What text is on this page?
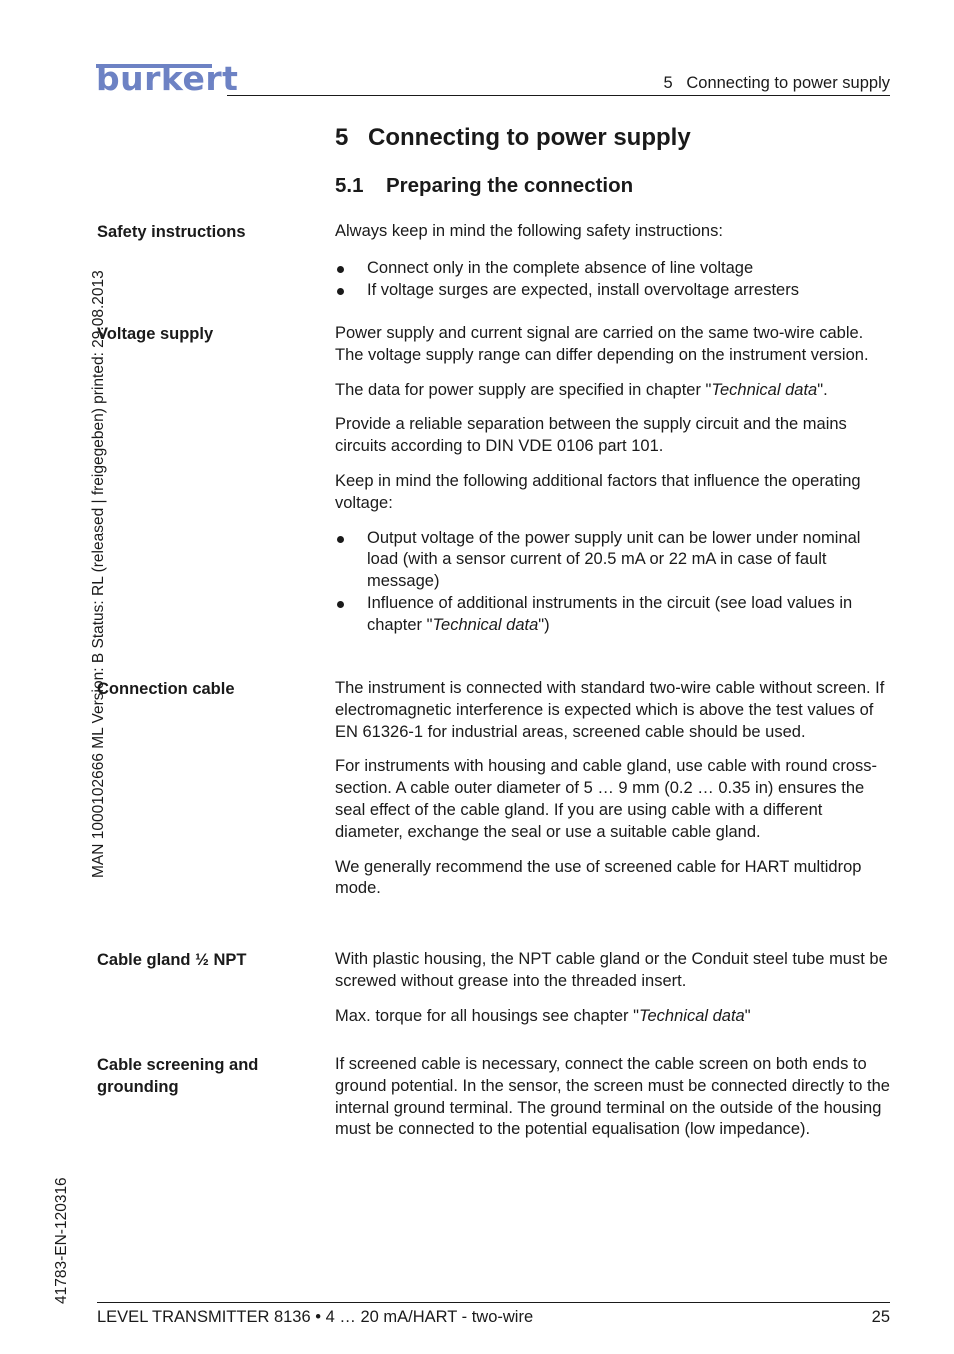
burkert	5   Connecting to power supply
MAN 1000102666 ML Version: B Status: RL (released | freigegeben) printed: 29.08.2013
41783-EN-120316
5 Connecting to power supply
5.1 Preparing the connection
Safety instructions	Always keep in mind the following safety instructions:

Connect only in the complete absence of line voltage
If voltage surges are expected, install overvoltage arresters
Voltage supply	Power supply and current signal are carried on the same two-wire cable. The voltage supply range can differ depending on the instrument version.

The data for power supply are specified in chapter "Technical data".

Provide a reliable separation between the supply circuit and the mains circuits according to DIN VDE 0106 part 101.

Keep in mind the following additional factors that influence the operating voltage:

Output voltage of the power supply unit can be lower under nominal load (with a sensor current of 20.5 mA or 22 mA in case of fault message)
Influence of additional instruments in the circuit (see load values in chapter "Technical data")
Connection cable	The instrument is connected with standard two-wire cable without screen. If electromagnetic interference is expected which is above the test values of EN 61326-1 for industrial areas, screened cable should be used.

For instruments with housing and cable gland, use cable with round cross-section. A cable outer diameter of 5 … 9 mm (0.2 … 0.35 in) ensures the seal effect of the cable gland. If you are using cable with a different diameter, exchange the seal or use a suitable cable gland.

We generally recommend the use of screened cable for HART multidrop mode.

Cable gland ½ NPT	With plastic housing, the NPT cable gland or the Conduit steel tube must be screwed without grease into the threaded insert.

Max. torque for all housings see chapter "Technical data"

Cable screening and grounding

If screened cable is necessary, connect the cable screen on both ends to ground potential. In the sensor, the screen must be connected directly to the internal ground terminal. The ground terminal on the outside of the housing must be connected to the potential equalisation (low impedance).

LEVEL TRANSMITTER 8136 • 4 … 20 mA/HART - two-wire	25
